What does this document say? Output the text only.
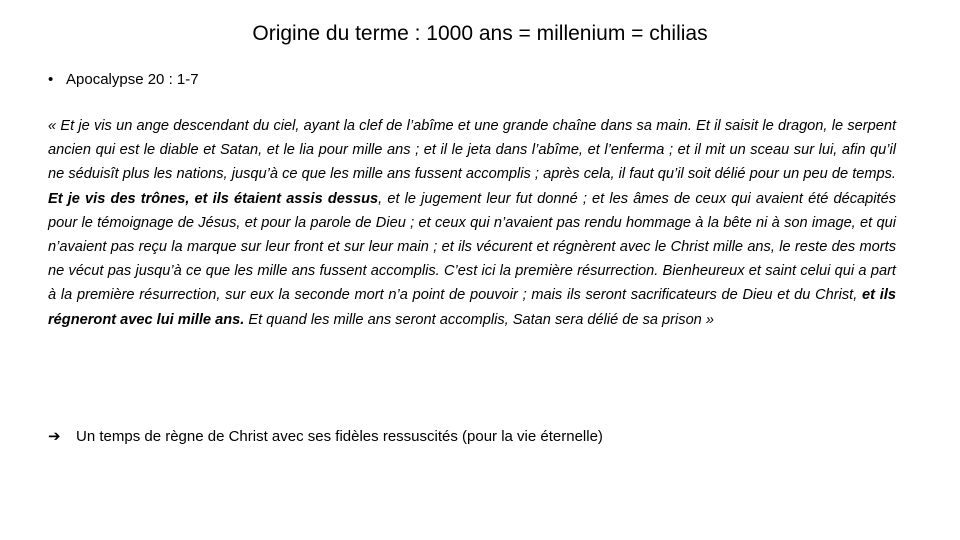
Origine du terme : 1000 ans = millenium = chilias
• Apocalypse 20 : 1-7
« Et je vis un ange descendant du ciel, ayant la clef de l’abîme et une grande chaîne dans sa main. Et il saisit le dragon, le serpent ancien qui est le diable et Satan, et le lia pour mille ans ; et il le jeta dans l’abîme, et l’enferma ; et il mit un sceau sur lui, afin qu’il ne séduisît plus les nations, jusqu’à ce que les mille ans fussent accomplis ; après cela, il faut qu’il soit délié pour un peu de temps. Et je vis des trônes, et ils étaient assis dessus, et le jugement leur fut donné ; et les âmes de ceux qui avaient été décapités pour le témoignage de Jésus, et pour la parole de Dieu ; et ceux qui n’avaient pas rendu hommage à la bête ni à son image, et qui n’avaient pas reçu la marque sur leur front et sur leur main ; et ils vécurent et régnèrent avec le Christ mille ans, le reste des morts ne vécut pas jusqu’à ce que les mille ans fussent accomplis. C’est ici la première résurrection. Bienheureux et saint celui qui a part à la première résurrection, sur eux la seconde mort n’a point de pouvoir ; mais ils seront sacrificateurs de Dieu et du Christ, et ils régneront avec lui mille ans. Et quand les mille ans seront accomplis, Satan sera délié de sa prison »
➔ Un temps de règne de Christ avec ses fidèles ressuscités (pour la vie éternelle)
